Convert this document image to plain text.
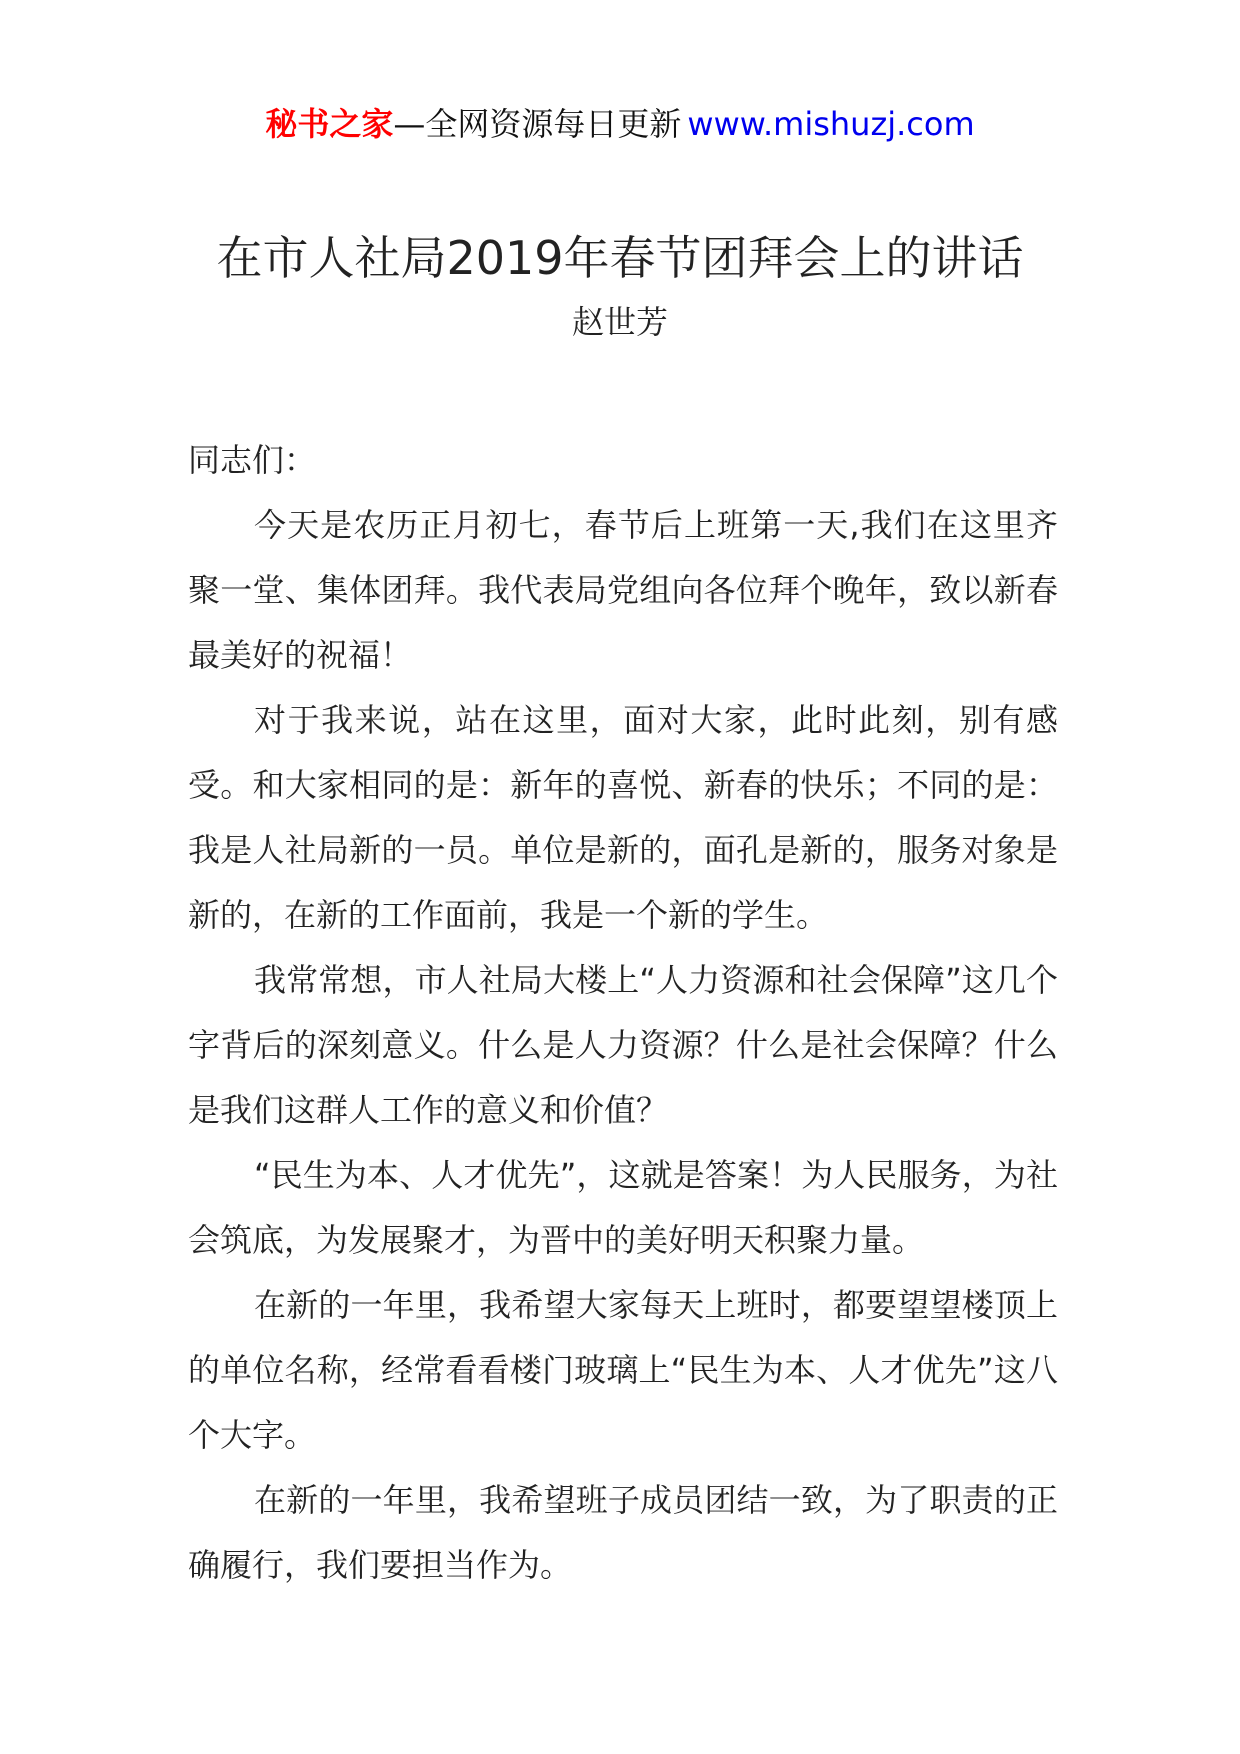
秘书之家—全网资源每日更新 www.mishuzj.com
在市人社局2019年春节团拜会上的讲话
赵世芳

同志们：

今天是农历正月初七，春节后上班第一天,我们在这里齐聚一堂、集体团拜。我代表局党组向各位拜个晚年，致以新春最美好的祝福！

对于我来说，站在这里，面对大家，此时此刻，别有感受。和大家相同的是：新年的喜悦、新春的快乐；不同的是：我是人社局新的一员。单位是新的，面孔是新的，服务对象是新的，在新的工作面前，我是一个新的学生。

我常常想，市人社局大楼上“人力资源和社会保障”这几个字背后的深刻意义。什么是人力资源？什么是社会保障？什么是我们这群人工作的意义和价值？

“民生为本、人才优先”，这就是答案！为人民服务，为社会筑底，为发展聚才，为晋中的美好明天积聚力量。

在新的一年里，我希望大家每天上班时，都要望望楼顶上的单位名称，经常看看楼门玻璃上“民生为本、人才优先”这八个大字。

在新的一年里，我希望班子成员团结一致，为了职责的正确履行，我们要担当作为。
